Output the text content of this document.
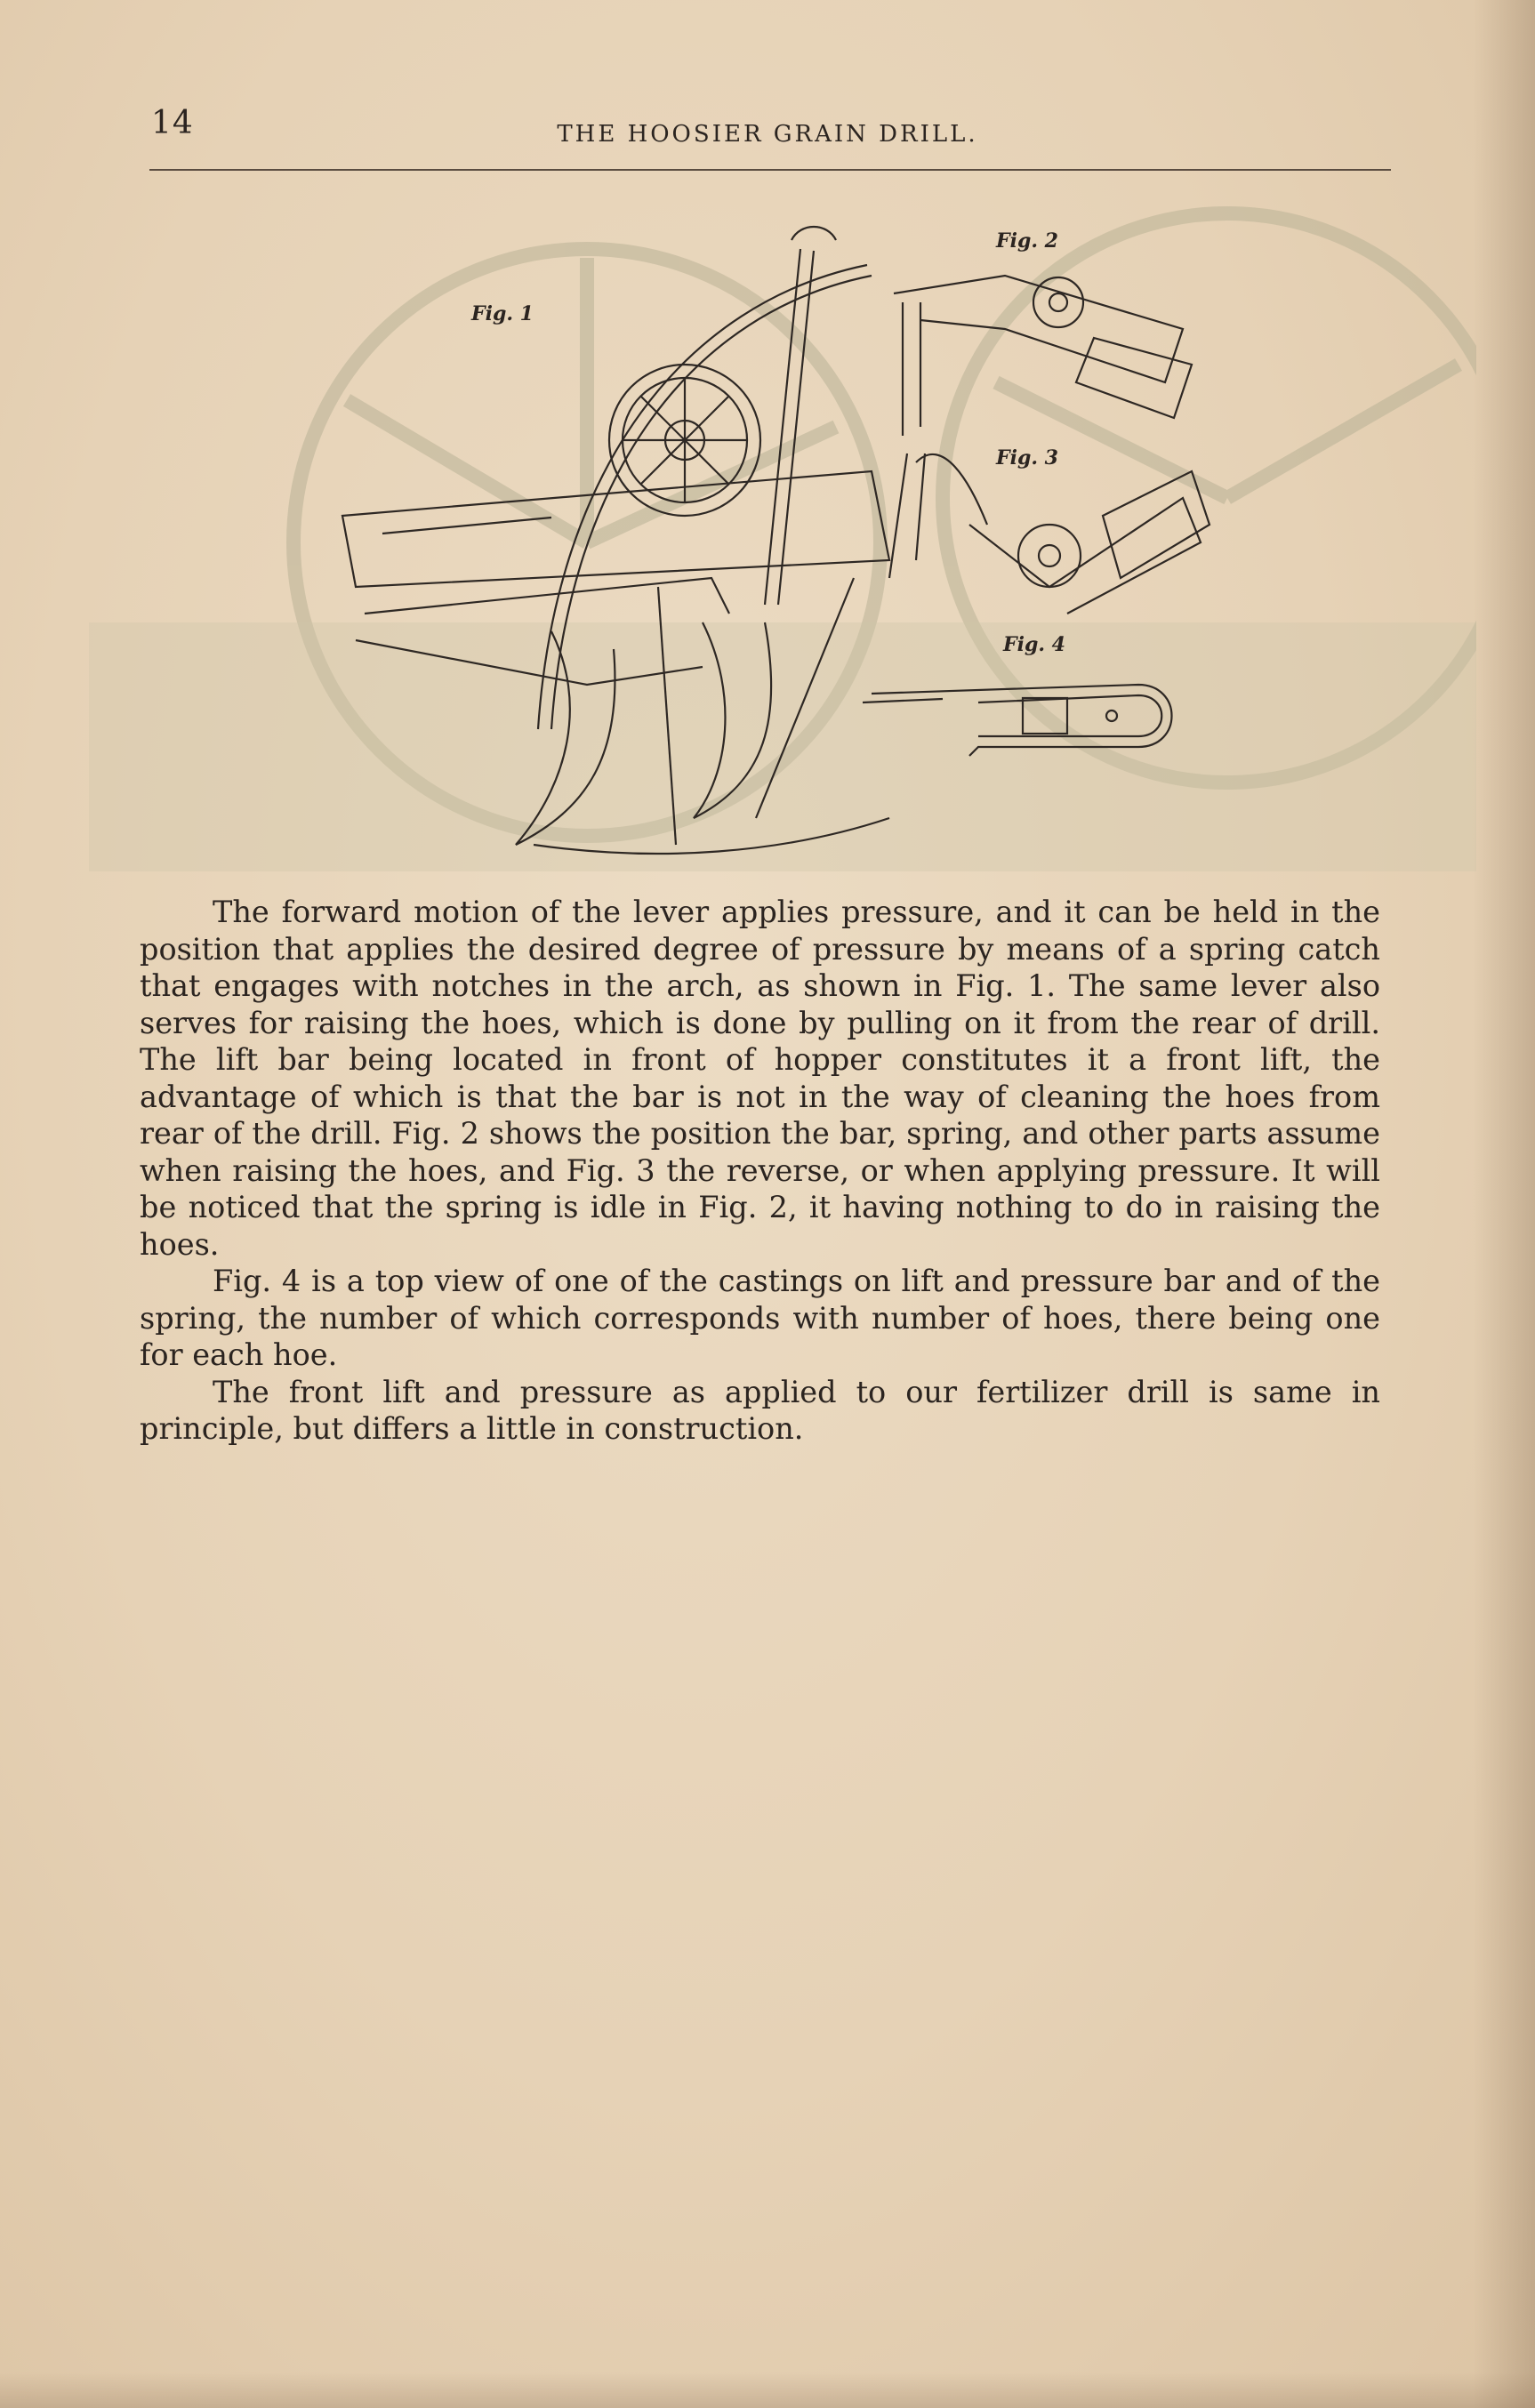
14	THE HOOSIER GRAIN DRILL.
Fig. 1
Fig. 2
Fig. 3
Fig. 4

The forward motion of the lever applies pressure, and it can be held in the position that applies the desired degree of pressure by means of a spring catch that engages with notches in the arch, as shown in Fig. 1. The same lever also serves for raising the hoes, which is done by pulling on it from the rear of drill. The lift bar being located in front of hopper constitutes it a front lift, the advantage of which is that the bar is not in the way of cleaning the hoes from rear of the drill. Fig. 2 shows the position the bar, spring, and other parts assume when raising the hoes, and Fig. 3 the reverse, or when applying pressure. It will be noticed that the spring is idle in Fig. 2, it having nothing to do in raising the hoes.

Fig. 4 is a top view of one of the castings on lift and pressure bar and of the spring, the number of which corresponds with number of hoes, there being one for each hoe.

The front lift and pressure as applied to our fertilizer drill is same in principle, but differs a little in construction.
